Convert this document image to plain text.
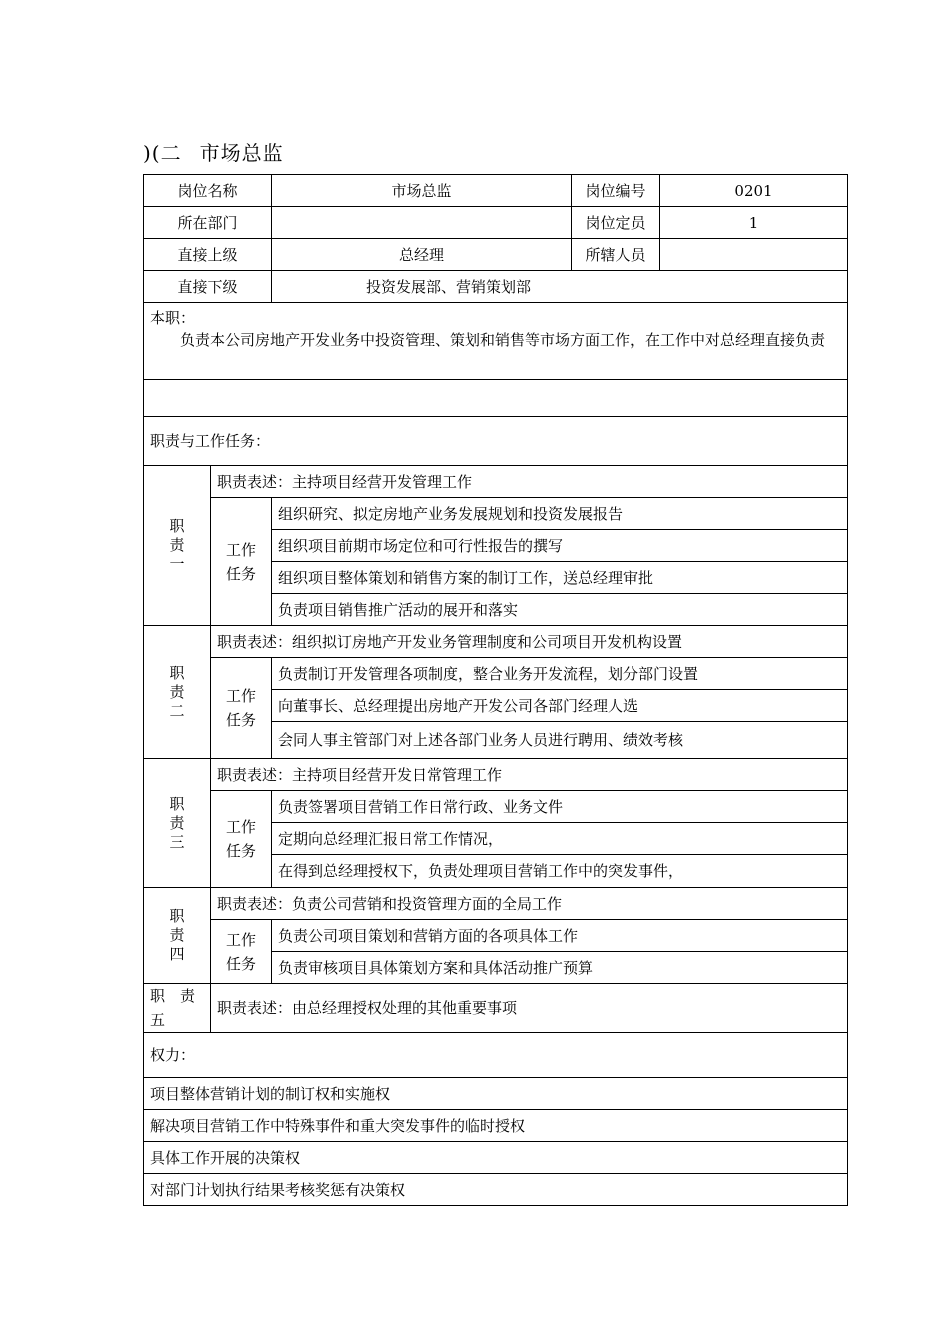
)(二 市场总监
岗位名称		市场总监	岗位编号	0201
所在部门			岗位定员	1
直接上级		总经理	所辖人员	
直接下级		投资发展部、营销策划部		
本职：
负责本公司房地产开发业务中投资管理、策划和销售等市场方面工作，在工作中对总经理直接负责				

职责与工作任务：				

职
责
一	职责表述：主持项目经营开发管理工作			

	工作
任务	组织研究、拟定房地产业务发展规划和投资发展报告		
		组织项目前期市场定位和可行性报告的撰写		
		组织项目整体策划和销售方案的制订工作，送总经理审批		
		负责项目销售推广活动的展开和落实		

职
责
二	职责表述：组织拟订房地产开发业务管理制度和公司项目开发机构设置			

	工作
任务	负责制订开发管理各项制度，整合业务开发流程，划分部门设置		
		向董事长、总经理提出房地产开发公司各部门经理人选		
		会同人事主管部门对上述各部门业务人员进行聘用、绩效考核		

职
责
三	职责表述：主持项目经营开发日常管理工作			

	工作
任务	负责签署项目营销工作日常行政、业务文件		
		定期向总经理汇报日常工作情况，		
		在得到总经理授权下，负责处理项目营销工作中的突发事件，		

职
责
四	职责表述：负责公司营销和投资管理方面的全局工作			

	工作
任务	负责公司项目策划和营销方面的各项具体工作		
		负责审核项目具体策划方案和具体活动推广预算		

职　责
五	职责表述：由总经理授权处理的其他重要事项			
权力：				
项目整体营销计划的制订权和实施权				
解决项目营销工作中特殊事件和重大突发事件的临时授权				
具体工作开展的决策权				
对部门计划执行结果考核奖惩有决策权				
